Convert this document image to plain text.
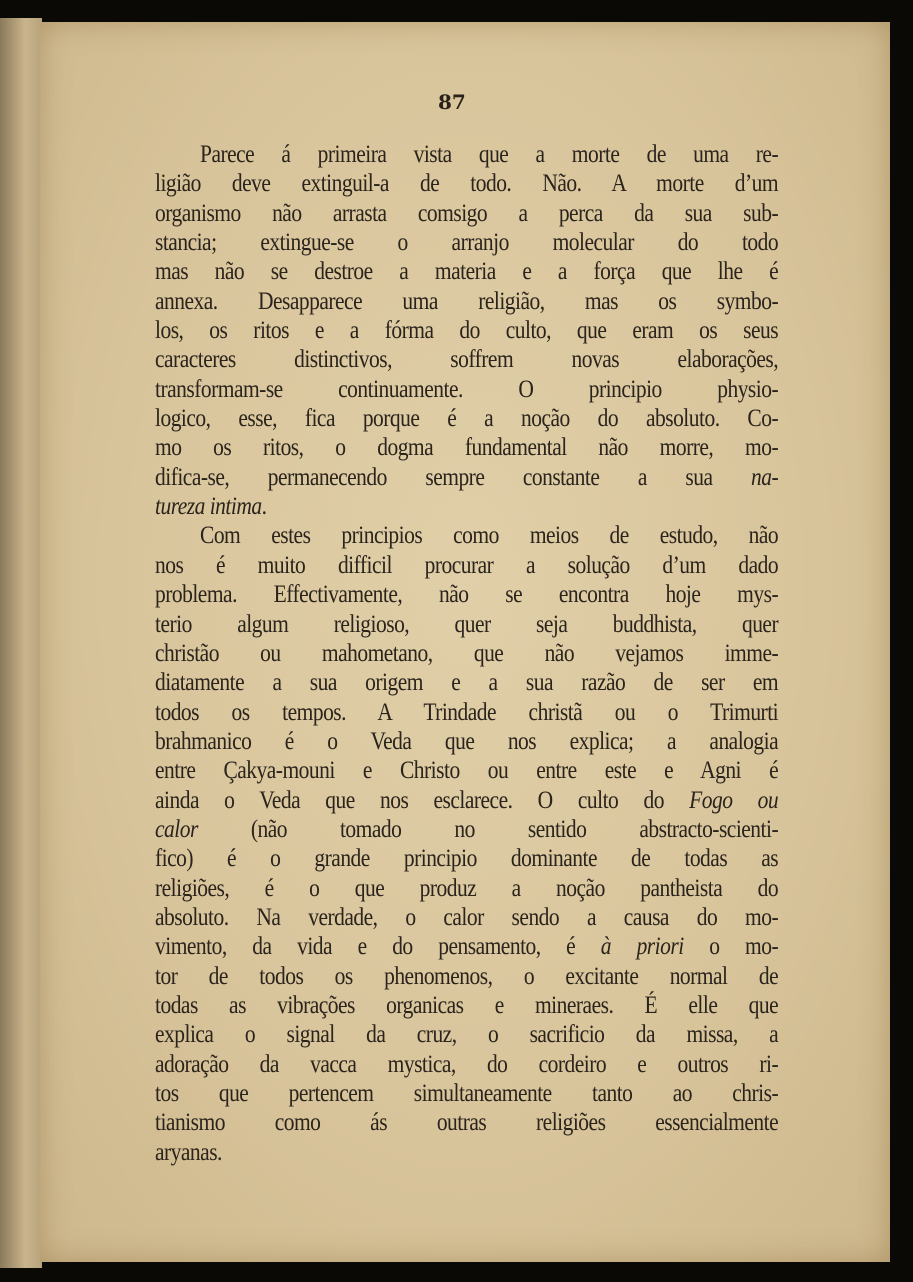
87
Parece á primeira vista que a morte de uma re-
ligião deve extinguil-a de todo. Não. A morte d’um
organismo não arrasta comsigo a perca da sua sub-
stancia; extingue-se o arranjo molecular do todo
mas não se destroe a materia e a força que lhe é
annexa. Desapparece uma religião, mas os symbo-
los, os ritos e a fórma do culto, que eram os seus
caracteres distinctivos, soffrem novas elaborações,
transformam-se continuamente. O principio physio-
logico, esse, fica porque é a noção do absoluto. Co-
mo os ritos, o dogma fundamental não morre, mo-
difica-se, permanecendo sempre constante a sua na-
tureza intima.
Com estes principios como meios de estudo, não
nos é muito difficil procurar a solução d’um dado
problema. Effectivamente, não se encontra hoje mys-
terio algum religioso, quer seja buddhista, quer
christão ou mahometano, que não vejamos imme-
diatamente a sua origem e a sua razão de ser em
todos os tempos. A Trindade christã ou o Trimurti
brahmanico é o Veda que nos explica; a analogia
entre Çakya-mouni e Christo ou entre este e Agni é
ainda o Veda que nos esclarece. O culto do Fogo ou
calor (não tomado no sentido abstracto-scienti-
fico) é o grande principio dominante de todas as
religiões, é o que produz a noção pantheista do
absoluto. Na verdade, o calor sendo a causa do mo-
vimento, da vida e do pensamento, é à priori o mo-
tor de todos os phenomenos, o excitante normal de
todas as vibrações organicas e mineraes. É elle que
explica o signal da cruz, o sacrificio da missa, a
adoração da vacca mystica, do cordeiro e outros ri-
tos que pertencem simultaneamente tanto ao chris-
tianismo como ás outras religiões essencialmente
aryanas.
